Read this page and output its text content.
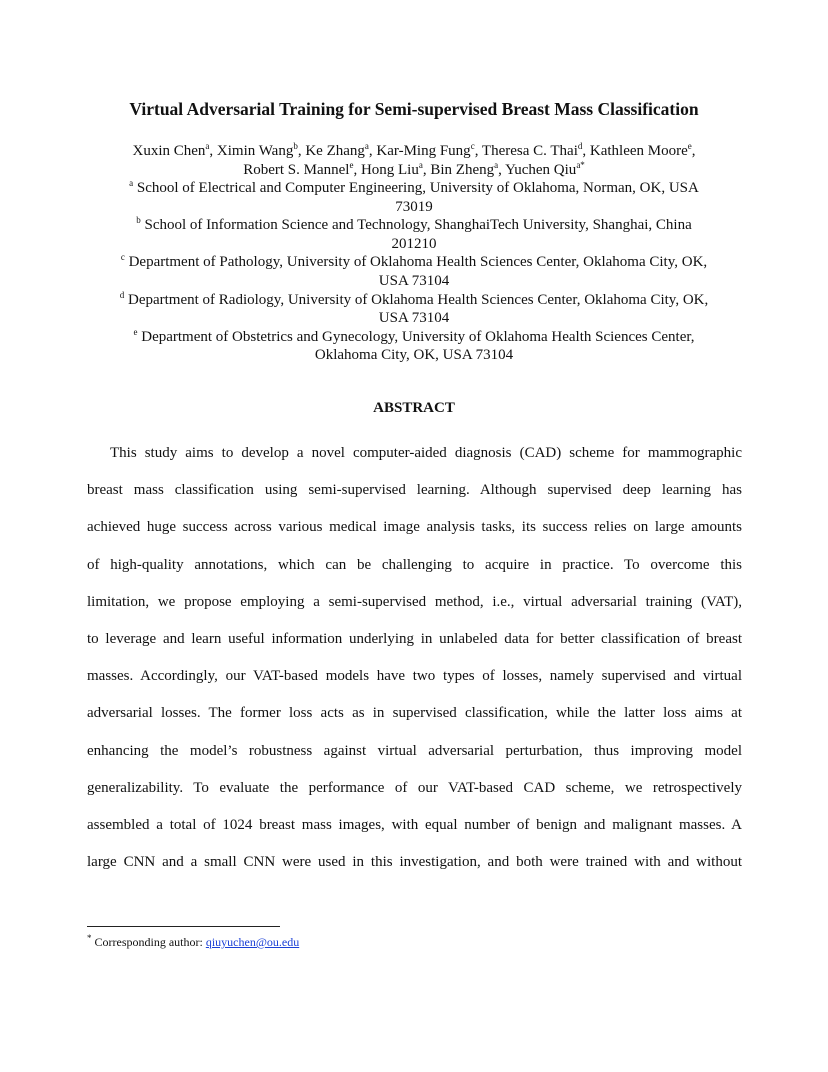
Virtual Adversarial Training for Semi-supervised Breast Mass Classification
Xuxin Chen$^a$, Ximin Wang$^b$, Ke Zhang$^a$, Kar-Ming Fung$^c$, Theresa C. Thai$^d$, Kathleen Moore$^e$,
Robert S. Mannel$^e$, Hong Liu$^a$, Bin Zheng$^a$, Yuchen Qiu$^{a*}$
$^a$ School of Electrical and Computer Engineering, University of Oklahoma, Norman, OK, USA
73019
$^b$ School of Information Science and Technology, ShanghaiTech University, Shanghai, China
201210
$^c$ Department of Pathology, University of Oklahoma Health Sciences Center, Oklahoma City, OK,
USA 73104
$^d$ Department of Radiology, University of Oklahoma Health Sciences Center, Oklahoma City, OK,
USA 73104
$^e$ Department of Obstetrics and Gynecology, University of Oklahoma Health Sciences Center,
Oklahoma City, OK, USA 73104
ABSTRACT
This study aims to develop a novel computer-aided diagnosis (CAD) scheme for mammographic
breast mass classification using semi-supervised learning. Although supervised deep learning has
achieved huge success across various medical image analysis tasks, its success relies on large amounts
of high-quality annotations, which can be challenging to acquire in practice. To overcome this
limitation, we propose employing a semi-supervised method, i.e., virtual adversarial training (VAT),
to leverage and learn useful information underlying in unlabeled data for better classification of breast
masses. Accordingly, our VAT-based models have two types of losses, namely supervised and virtual
adversarial losses. The former loss acts as in supervised classification, while the latter loss aims at
enhancing the model’s robustness against virtual adversarial perturbation, thus improving model
generalizability. To evaluate the performance of our VAT-based CAD scheme, we retrospectively
assembled a total of 1024 breast mass images, with equal number of benign and malignant masses. A
large CNN and a small CNN were used in this investigation, and both were trained with and without
* Corresponding author: qiuyuchen@ou.edu
